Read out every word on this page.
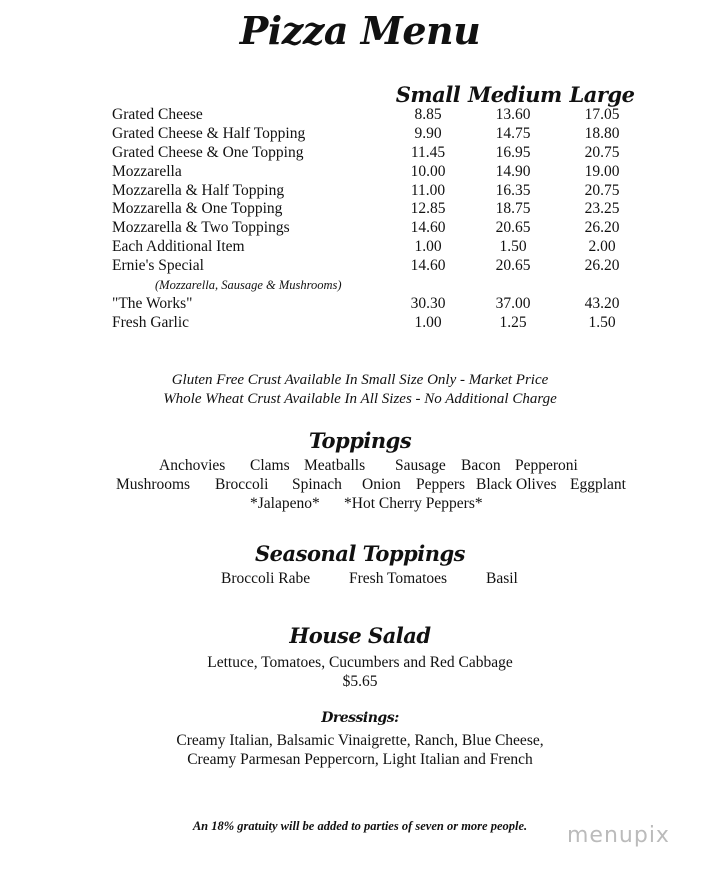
Pizza Menu
Small Medium Large
Grated Cheese	8.85	13.60	17.05
Grated Cheese & Half Topping	9.90	14.75	18.80
Grated Cheese & One Topping	11.45	16.95	20.75
Mozzarella	10.00	14.90	19.00
Mozzarella & Half Topping	11.00	16.35	20.75
Mozzarella & One Topping	12.85	18.75	23.25
Mozzarella & Two Toppings	14.60	20.65	26.20
Each Additional Item	1.00	1.50	2.00
Ernie's Special	14.60	20.65	26.20
(Mozzarella, Sausage & Mushrooms)
"The Works"	30.30	37.00	43.20
Fresh Garlic	1.00	1.25	1.50
Gluten Free Crust Available In Small Size Only - Market Price
Whole Wheat Crust Available In All Sizes - No Additional Charge
Toppings
Anchovies Clams Meatballs Sausage Bacon Pepperoni
Mushrooms Broccoli Spinach Onion Peppers Black Olives Eggplant
*Jalapeno* *Hot Cherry Peppers*
Seasonal Toppings
Broccoli Rabe	Fresh Tomatoes	Basil
House Salad
Lettuce, Tomatoes, Cucumbers and Red Cabbage
$5.65
Dressings:
Creamy Italian, Balsamic Vinaigrette, Ranch, Blue Cheese,
Creamy Parmesan Peppercorn, Light Italian and French
An 18% gratuity will be added to parties of seven or more people.	menupix
